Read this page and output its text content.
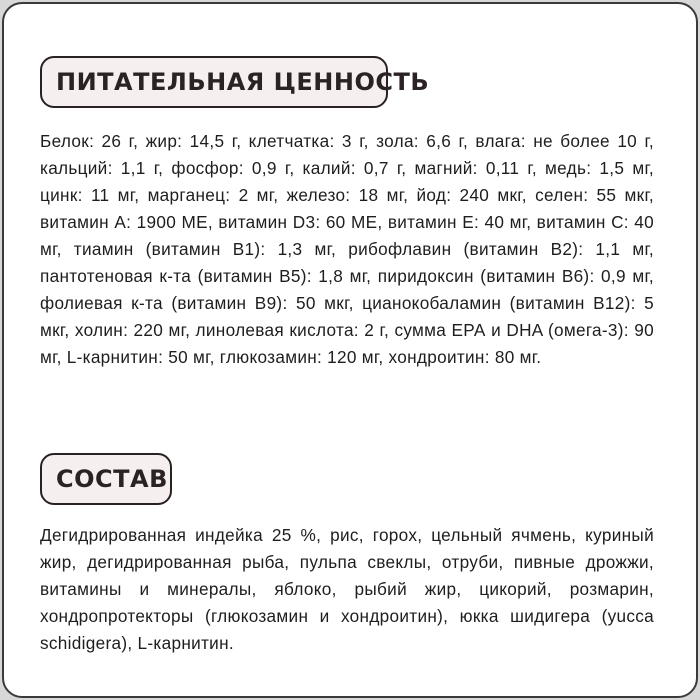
ПИТАТЕЛЬНАЯ ЦЕННОСТЬ
Белок: 26 г, жир: 14,5 г, клетчатка: 3 г, зола: 6,6 г, влага: не более 10 г, кальций: 1,1 г, фосфор: 0,9 г, калий: 0,7 г, магний: 0,11 г, медь: 1,5 мг, цинк: 11 мг, марганец: 2 мг, железо: 18 мг, йод: 240 мкг, селен: 55 мкг, витамин А: 1900 МЕ, витамин D3: 60 МЕ, витамин Е: 40 мг, витамин С: 40 мг, тиамин (витамин В1): 1,3 мг, рибофлавин (витамин В2): 1,1 мг, пантотеновая к-та (витамин В5): 1,8 мг, пиридоксин (витамин В6): 0,9 мг, фолиевая к-та (витамин В9): 50 мкг, цианокобаламин (витамин В12): 5 мкг, холин: 220 мг, линолевая кислота: 2 г, сумма ЕРА и DHA (омега-3): 90 мг, L-карнитин: 50 мг, глюкозамин: 120 мг, хондроитин: 80 мг.
СОСТАВ
Дегидрированная индейка 25 %, рис, горох, цельный ячмень, куриный жир, дегидрированная рыба, пульпа свеклы, отруби, пивные дрожжи, витамины и минералы, яблоко, рыбий жир, цикорий, розмарин, хондропротекторы (глюкозамин и хондроитин), юкка шидигера (yucca schidigera), L-карнитин.
